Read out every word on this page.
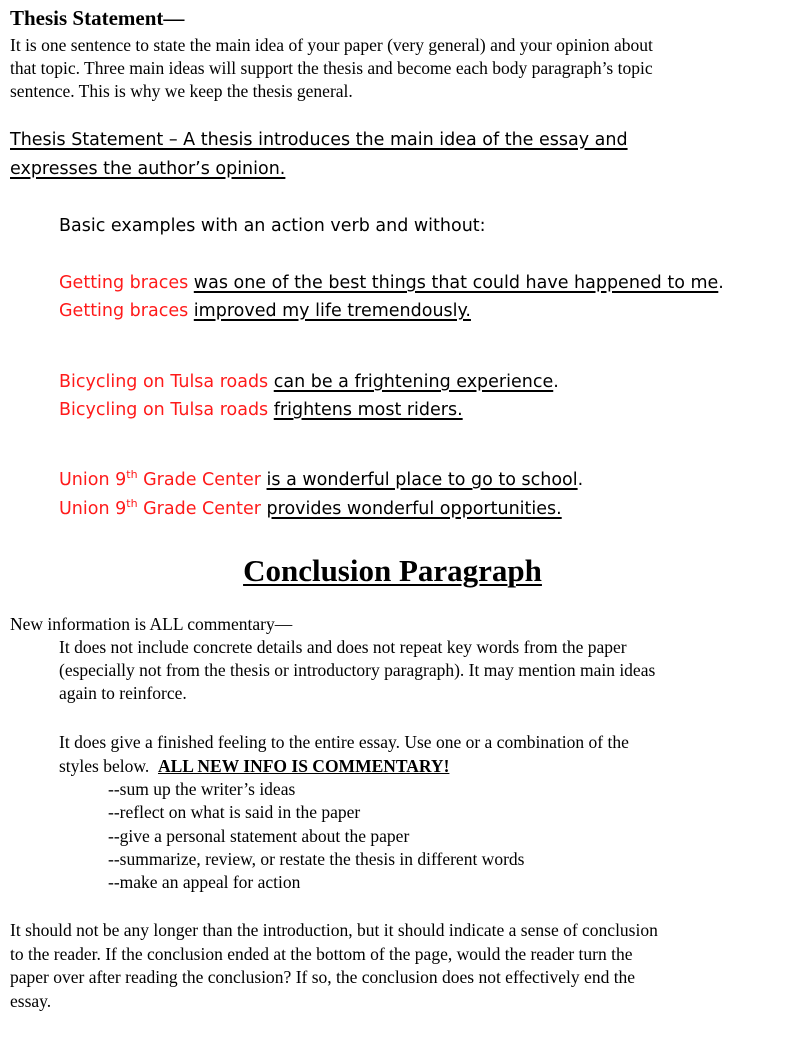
Thesis Statement—
It is one sentence to state the main idea of your paper (very general) and your opinion about
that topic. Three main ideas will support the thesis and become each body paragraph’s topic
sentence. This is why we keep the thesis general.
Thesis Statement – A thesis introduces the main idea of the essay and
expresses the author’s opinion.
Basic examples with an action verb and without:
Getting braces was one of the best things that could have happened to me.
Getting braces improved my life tremendously.
Bicycling on Tulsa roads can be a frightening experience.
Bicycling on Tulsa roads frightens most riders.
Union 9th Grade Center is a wonderful place to go to school.
Union 9th Grade Center provides wonderful opportunities.
Conclusion Paragraph
New information is ALL commentary—
It does not include concrete details and does not repeat key words from the paper
(especially not from the thesis or introductory paragraph). It may mention main ideas
again to reinforce.
It does give a finished feeling to the entire essay. Use one or a combination of the
styles below.  ALL NEW INFO IS COMMENTARY!
--sum up the writer’s ideas
--reflect on what is said in the paper
--give a personal statement about the paper
--summarize, review, or restate the thesis in different words
--make an appeal for action
It should not be any longer than the introduction, but it should indicate a sense of conclusion
to the reader. If the conclusion ended at the bottom of the page, would the reader turn the
paper over after reading the conclusion? If so, the conclusion does not effectively end the
essay.
